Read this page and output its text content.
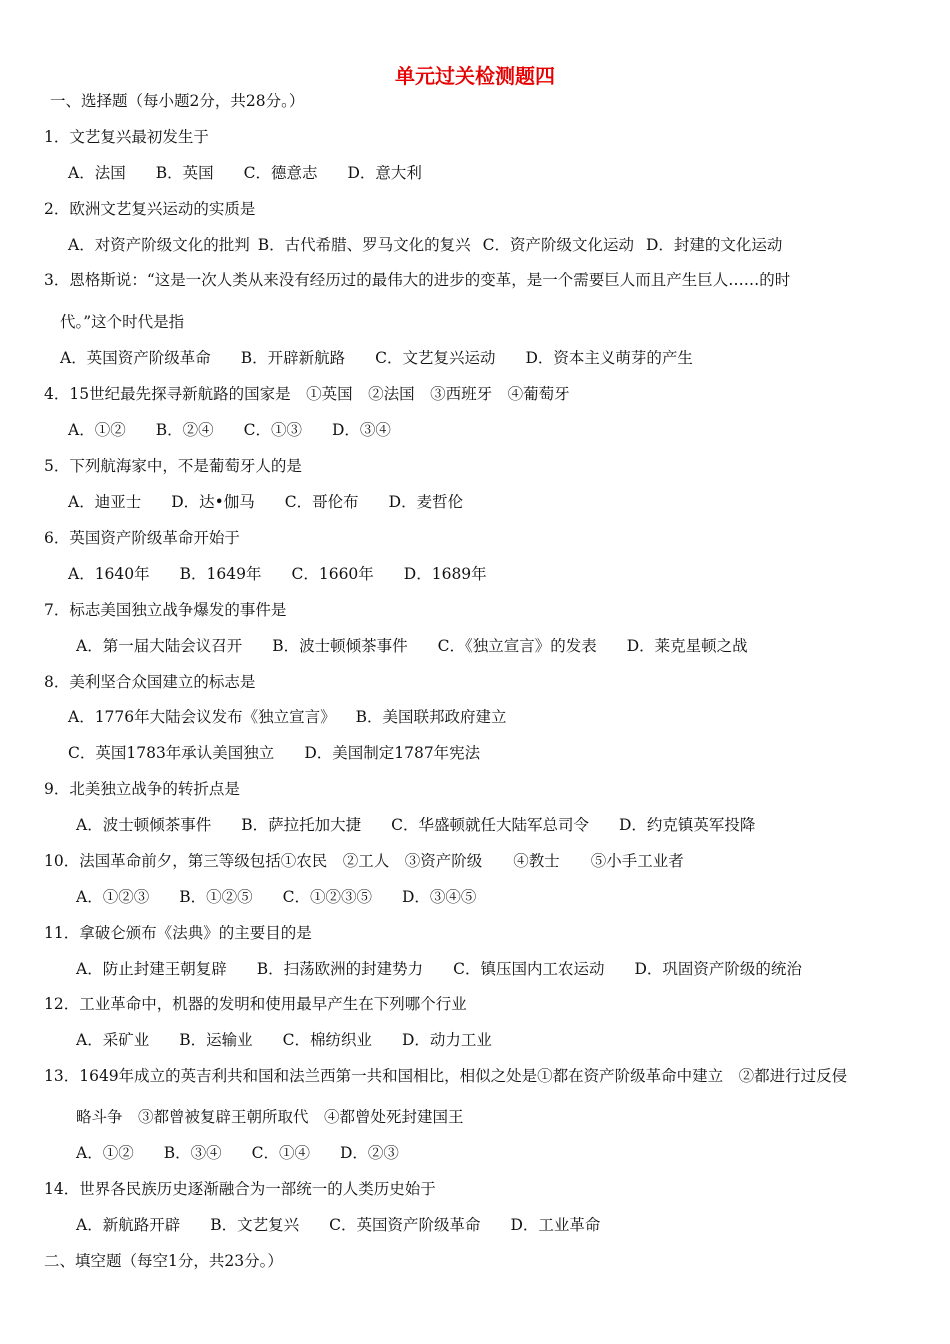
单元过关检测题四
一、选择题（每小题2分，共28分。）
1．文艺复兴最初发生于
A．法国 B．英国 C．德意志 D．意大利
2．欧洲文艺复兴运动的实质是
A．对资产阶级文化的批判 B．古代希腊、罗马文化的复兴 C．资产阶级文化运动 D．封建的文化运动
3．恩格斯说：“这是一次人类从来没有经历过的最伟大的进步的变革，是一个需要巨人而且产生巨人……的时
代。”这个时代是指
A．英国资产阶级革命 B．开辟新航路 C．文艺复兴运动 D．资本主义萌芽的产生
4．15世纪最先探寻新航路的国家是　①英国　②法国　③西班牙　④葡萄牙
A．①② B．②④ C．①③ D．③④
5．下列航海家中，不是葡萄牙人的是
A．迪亚士 D．达•伽马 C．哥伦布 D．麦哲伦
6．英国资产阶级革命开始于
A．1640年 B．1649年 C．1660年 D．1689年
7．标志美国独立战争爆发的事件是
A．第一届大陆会议召开 B．波士顿倾茶事件 C．《独立宣言》的发表 D．莱克星顿之战
8．美利坚合众国建立的标志是
A．1776年大陆会议发布《独立宣言》 B．美国联邦政府建立
C．英国1783年承认美国独立 D．美国制定1787年宪法
9．北美独立战争的转折点是
A．波士顿倾茶事件 B．萨拉托加大捷 C．华盛顿就任大陆军总司令 D．约克镇英军投降
10．法国革命前夕，第三等级包括①农民　②工人　③资产阶级　　④教士　　⑤小手工业者
A．①②③ B．①②⑤ C．①②③⑤ D．③④⑤
11．拿破仑颁布《法典》的主要目的是
A．防止封建王朝复辟 B．扫荡欧洲的封建势力 C．镇压国内工农运动 D．巩固资产阶级的统治
12．工业革命中，机器的发明和使用最早产生在下列哪个行业
A．采矿业 B．运输业 C．棉纺织业 D．动力工业
13．1649年成立的英吉利共和国和法兰西第一共和国相比，相似之处是①都在资产阶级革命中建立　②都进行过反侵
略斗争　③都曾被复辟王朝所取代　④都曾处死封建国王
A．①② B．③④ C．①④ D．②③
14．世界各民族历史逐渐融合为一部统一的人类历史始于
A．新航路开辟 B．文艺复兴 C．英国资产阶级革命 D．工业革命
二、填空题（每空1分，共23分。）
